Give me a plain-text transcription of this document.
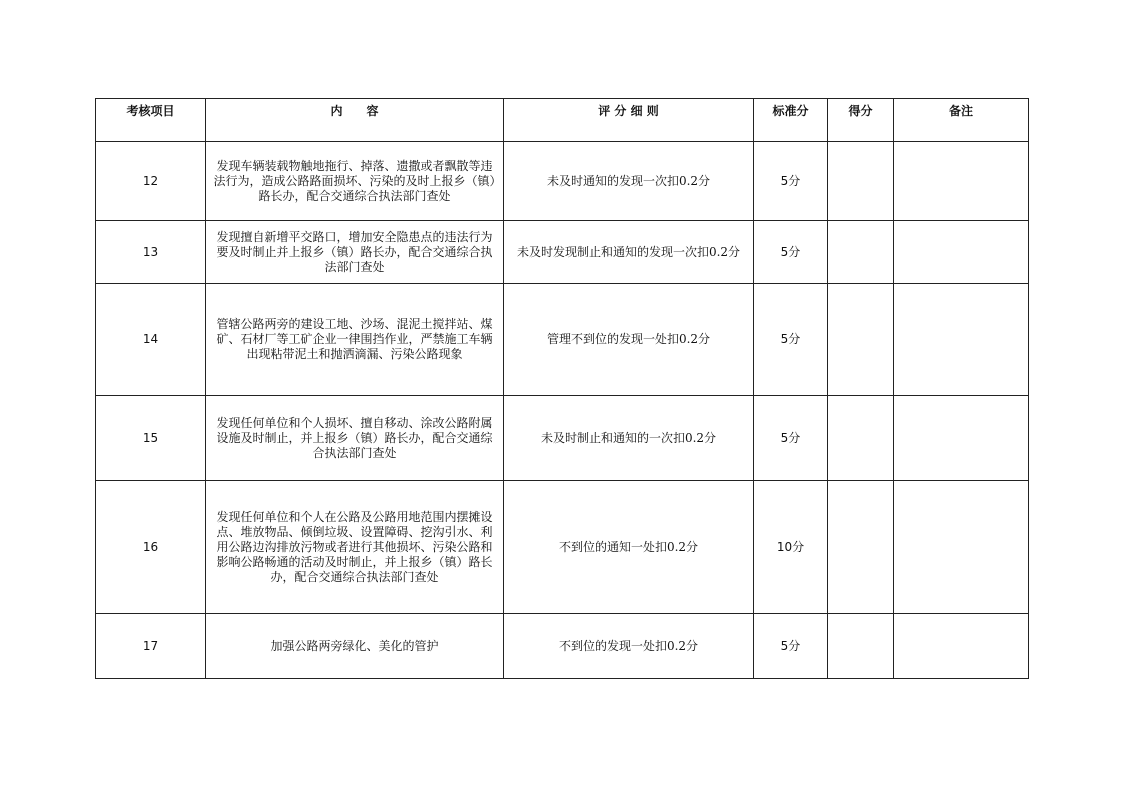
考核项目	内　　容	评 分 细 则	标准分	得分	备注
12	发现车辆装载物触地拖行、掉落、遗撒或者飘散等违法行为，造成公路路面损坏、污染的及时上报乡（镇）路长办，配合交通综合执法部门查处	未及时通知的发现一次扣0.2分	5分		
13	发现擅自新增平交路口，增加安全隐患点的违法行为要及时制止并上报乡（镇）路长办，配合交通综合执法部门查处	未及时发现制止和通知的发现一次扣0.2分	5分		
14	管辖公路两旁的建设工地、沙场、混泥土搅拌站、煤矿、石材厂等工矿企业一律围挡作业，严禁施工车辆出现粘带泥土和抛洒滴漏、污染公路现象	管理不到位的发现一处扣0.2分	5分		
15	发现任何单位和个人损坏、擅自移动、涂改公路附属设施及时制止，并上报乡（镇）路长办，配合交通综合执法部门查处	未及时制止和通知的一次扣0.2分	5分		
16	发现任何单位和个人在公路及公路用地范围内摆摊设点、堆放物品、倾倒垃圾、设置障碍、挖沟引水、利用公路边沟排放污物或者进行其他损坏、污染公路和影响公路畅通的活动及时制止，并上报乡（镇）路长办，配合交通综合执法部门查处	不到位的通知一处扣0.2分	10分		
17	加强公路两旁绿化、美化的管护	不到位的发现一处扣0.2分	5分		
